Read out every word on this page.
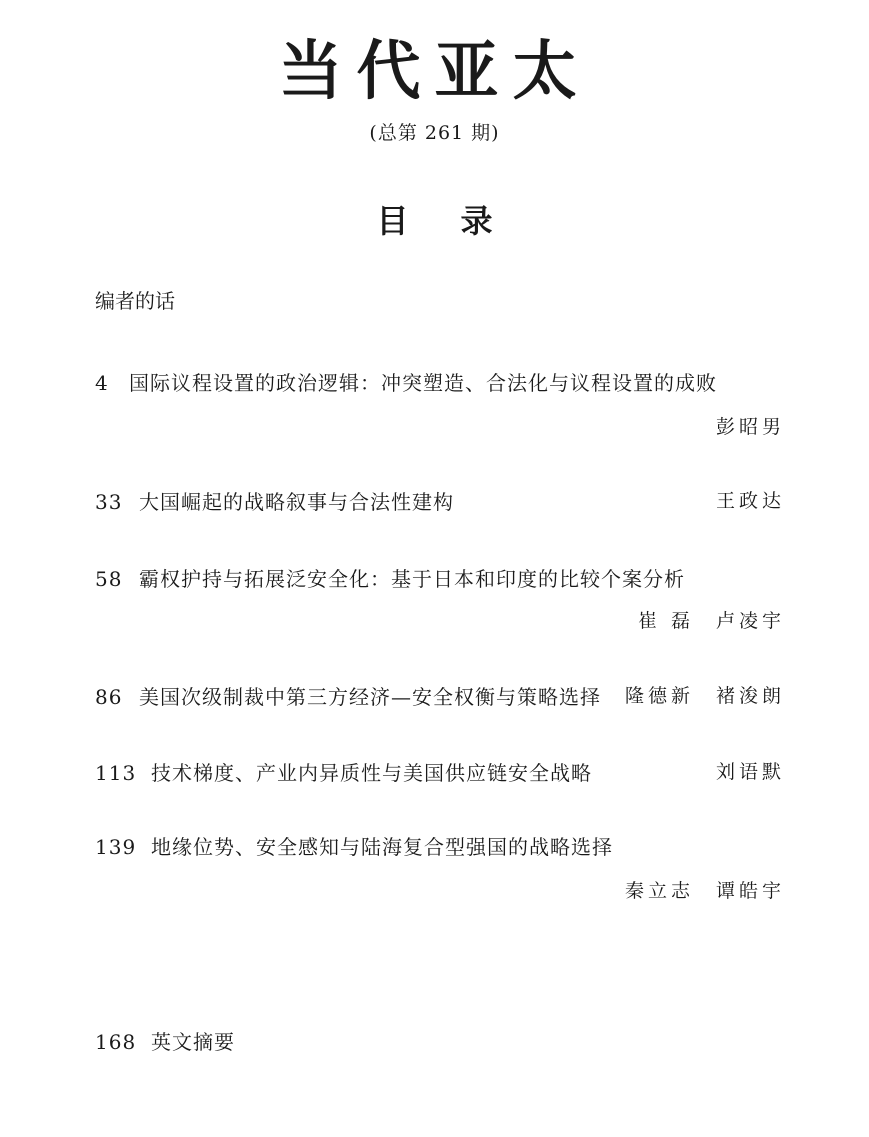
当代亚太
(总第 261 期)
目录
编者的话
4 国际议程设置的政治逻辑：冲突塑造、合法化与议程设置的成败
彭昭男
33 大国崛起的战略叙事与合法性建构	王政达
58 霸权护持与拓展泛安全化：基于日本和印度的比较个案分析
崔 磊 卢凌宇
86 美国次级制裁中第三方经济—安全权衡与策略选择 隆德新 褚浚朗
113 技术梯度、产业内异质性与美国供应链安全战略	刘语默
139 地缘位势、安全感知与陆海复合型强国的战略选择
秦立志 谭皓宇
168 英文摘要
